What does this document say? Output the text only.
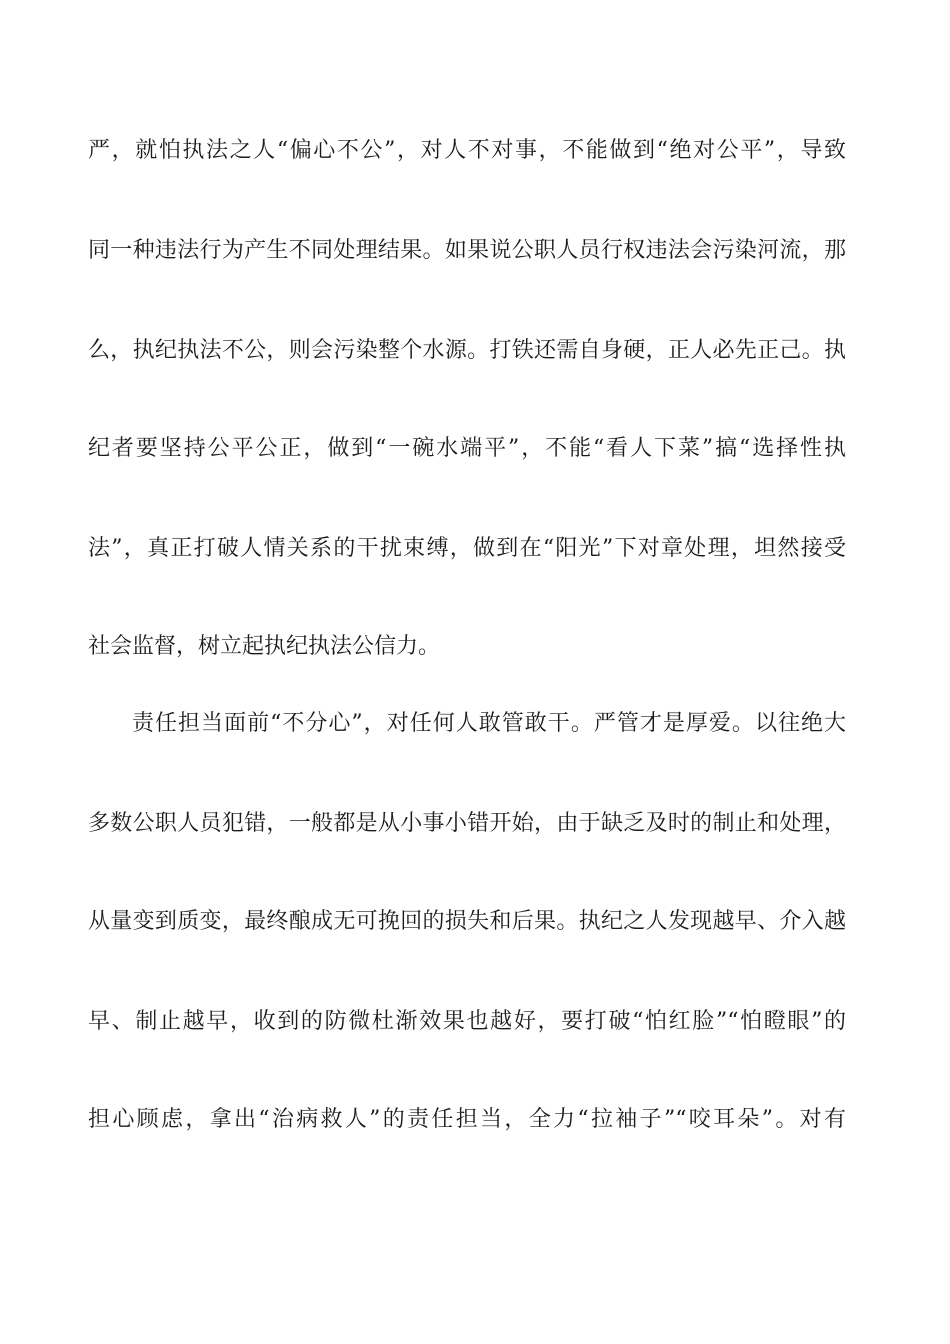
严，就怕执法之人“偏心不公”，对人不对事，不能做到“绝对公平”，导致
同一种违法行为产生不同处理结果。如果说公职人员行权违法会污染河流，那
么，执纪执法不公，则会污染整个水源。打铁还需自身硬，正人必先正己。执
纪者要坚持公平公正，做到“一碗水端平”，不能“看人下菜”搞“选择性执
法”，真正打破人情关系的干扰束缚，做到在“阳光”下对章处理，坦然接受
社会监督，树立起执纪执法公信力。
责任担当面前“不分心”，对任何人敢管敢干。严管才是厚爱。以往绝大
多数公职人员犯错，一般都是从小事小错开始，由于缺乏及时的制止和处理，
从量变到质变，最终酿成无可挽回的损失和后果。执纪之人发现越早、介入越
早、制止越早，收到的防微杜渐效果也越好，要打破“怕红脸”“怕瞪眼”的
担心顾虑，拿出“治病救人”的责任担当，全力“拉袖子”“咬耳朵”。对有
